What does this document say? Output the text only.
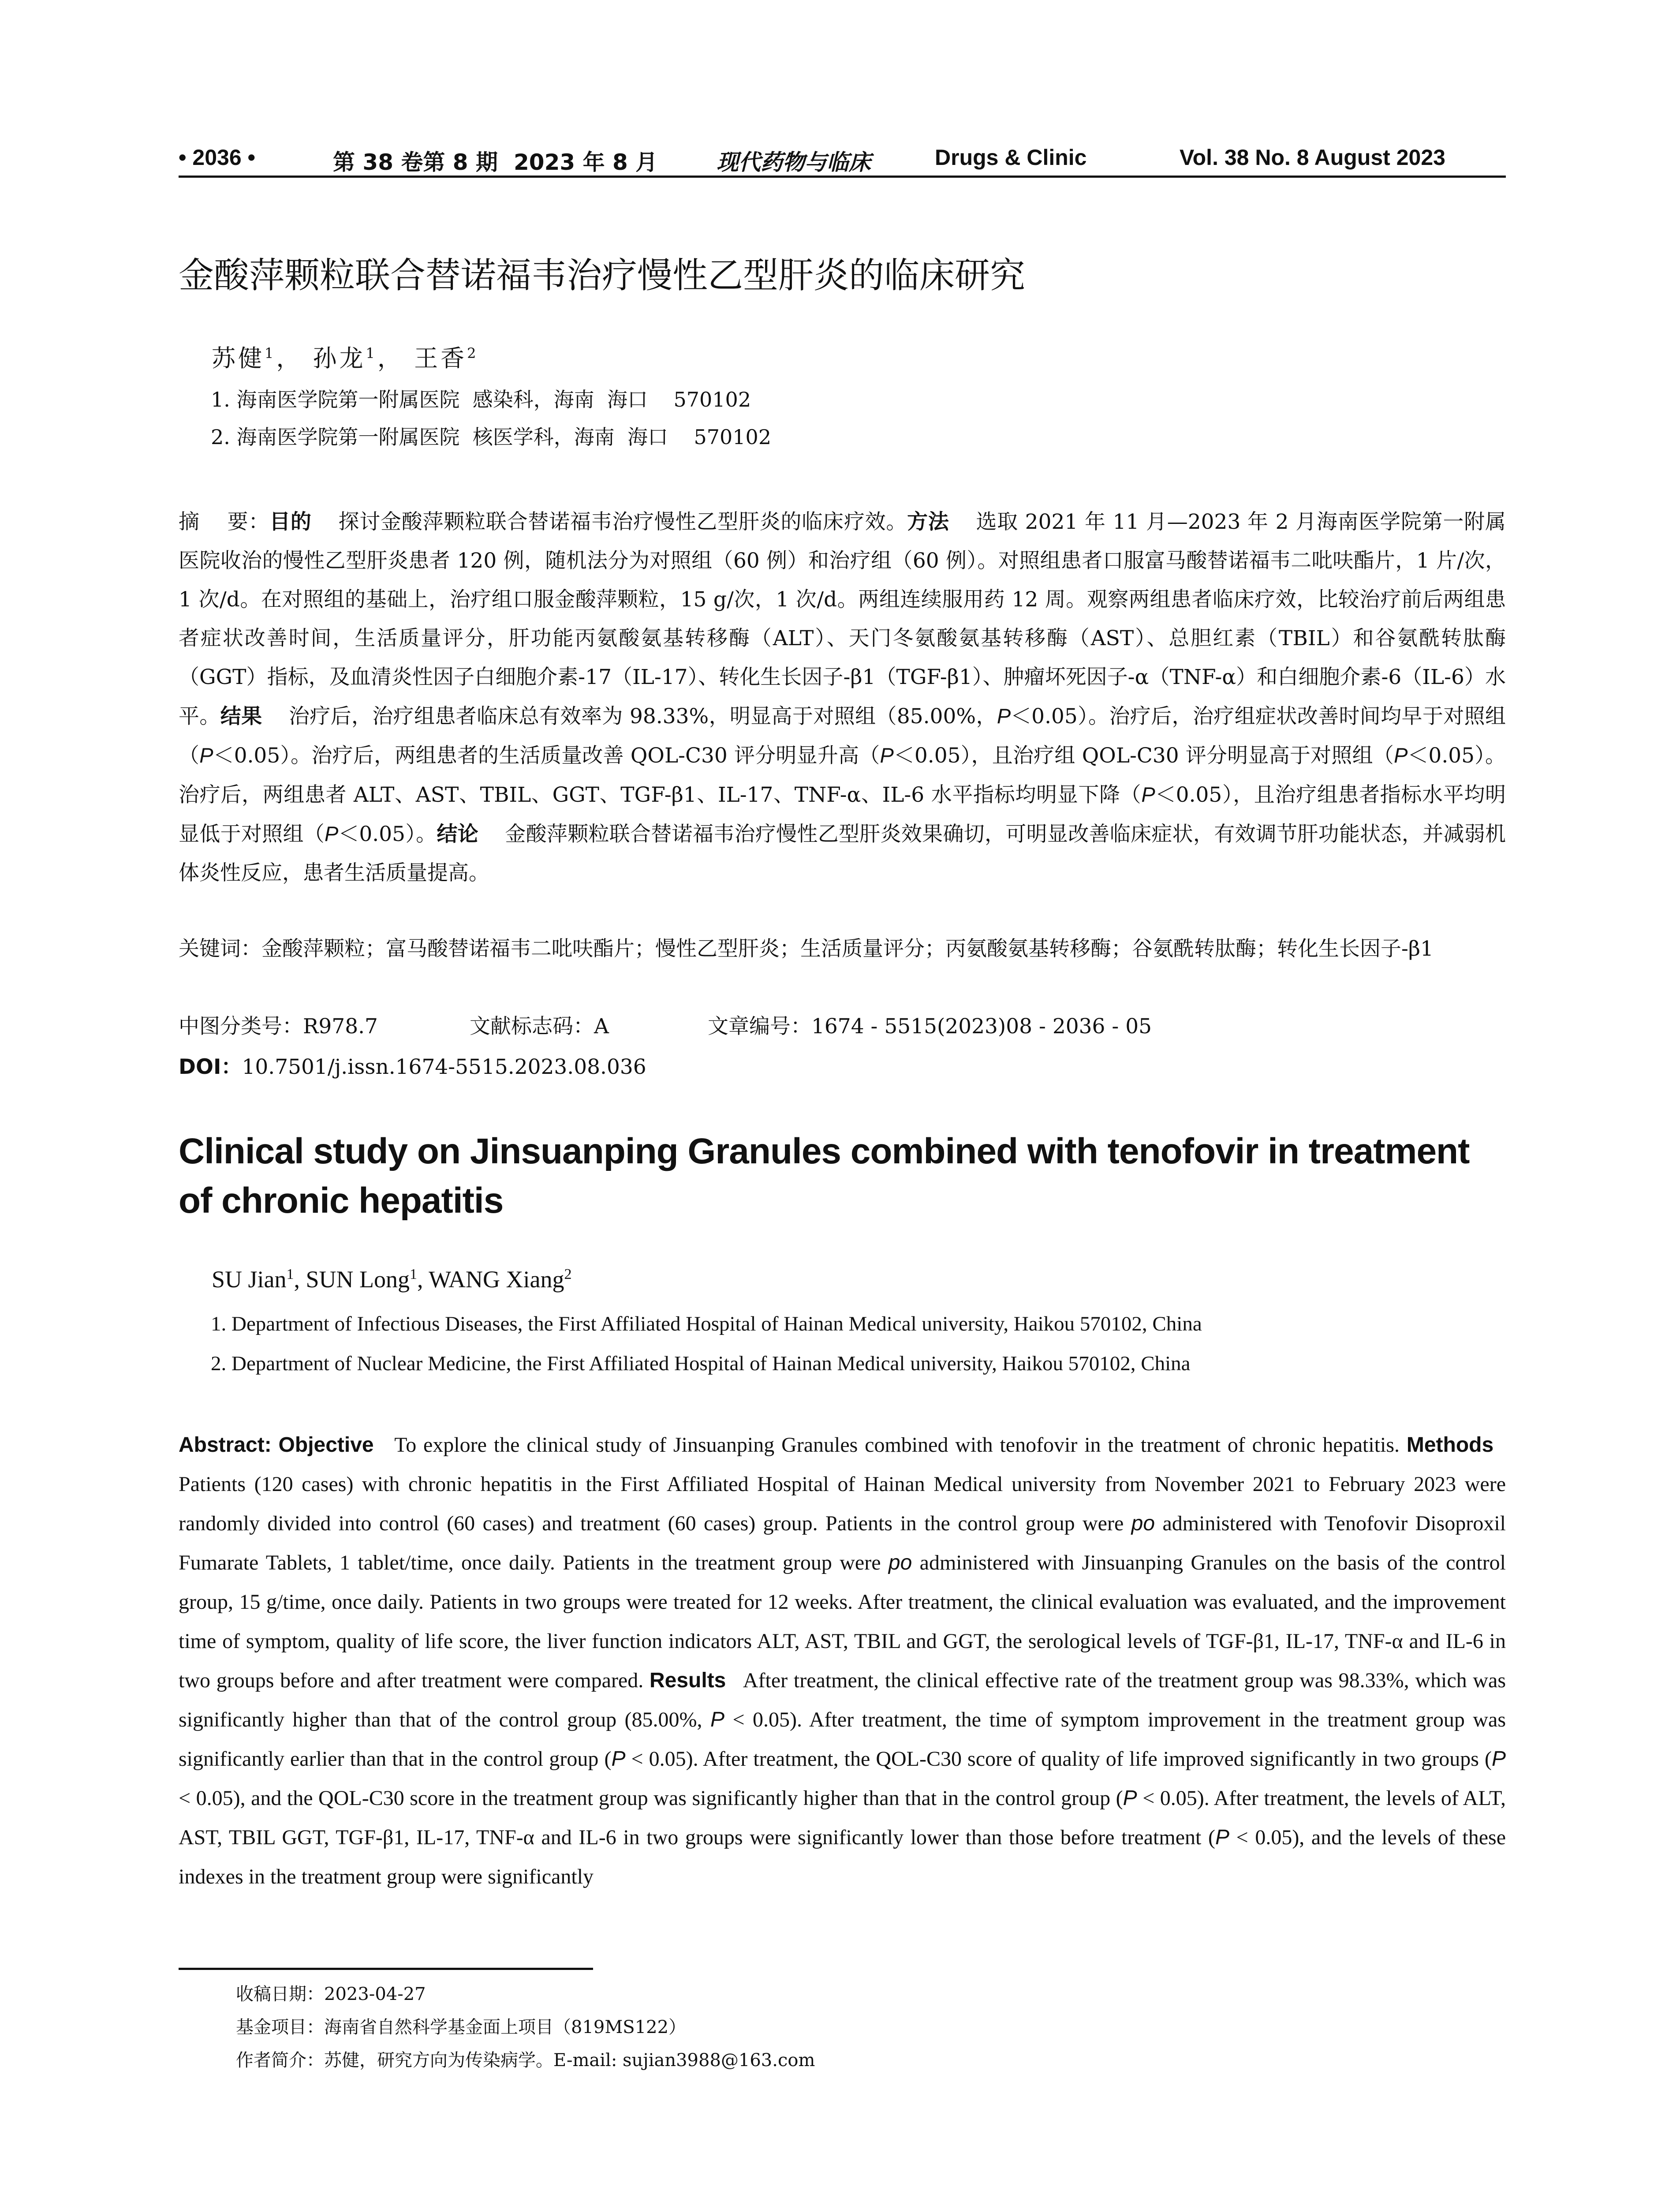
• 2036 •	第 38 卷第 8 期 2023 年 8 月	现代药物与临床	Drugs & Clinic	Vol. 38 No. 8 August 2023
金酸萍颗粒联合替诺福韦治疗慢性乙型肝炎的临床研究
苏健$^1$， 孙龙$^1$， 王香$^2$
1. 海南医学院第一附属医院  感染科，海南  海口    570102
2. 海南医学院第一附属医院  核医学科，海南  海口    570102
摘    要：目的 探讨金酸萍颗粒联合替诺福韦治疗慢性乙型肝炎的临床疗效。方法 选取 2021 年 11 月—2023 年 2 月海南医学院第一附属医院收治的慢性乙型肝炎患者 120 例，随机法分为对照组（60 例）和治疗组（60 例）。对照组患者口服富马酸替诺福韦二吡呋酯片，1 片/次，1 次/d。在对照组的基础上，治疗组口服金酸萍颗粒，15 g/次，1 次/d。两组连续服用药 12 周。观察两组患者临床疗效，比较治疗前后两组患者症状改善时间，生活质量评分，肝功能丙氨酸氨基转移酶（ALT）、天门冬氨酸氨基转移酶（AST）、总胆红素（TBIL）和谷氨酰转肽酶（GGT）指标，及血清炎性因子白细胞介素-17（IL-17）、转化生长因子-β1（TGF-β1）、肿瘤坏死因子-α（TNF-α）和白细胞介素-6（IL-6）水平。结果 治疗后，治疗组患者临床总有效率为 98.33%，明显高于对照组（85.00%，P＜0.05）。治疗后，治疗组症状改善时间均早于对照组（P＜0.05）。治疗后，两组患者的生活质量改善 QOL-C30 评分明显升高（P＜0.05），且治疗组 QOL-C30 评分明显高于对照组（P＜0.05）。治疗后，两组患者 ALT、AST、TBIL、GGT、TGF-β1、IL-17、TNF-α、IL-6 水平指标均明显下降（P＜0.05），且治疗组患者指标水平均明显低于对照组（P＜0.05）。结论 金酸萍颗粒联合替诺福韦治疗慢性乙型肝炎效果确切，可明显改善临床症状，有效调节肝功能状态，并减弱机体炎性反应，患者生活质量提高。
关键词：金酸萍颗粒；富马酸替诺福韦二吡呋酯片；慢性乙型肝炎；生活质量评分；丙氨酸氨基转移酶；谷氨酰转肽酶；转化生长因子-β1
中图分类号：R978.7	文献标志码：A	文章编号：1674 - 5515(2023)08 - 2036 - 05
DOI：10.7501/j.issn.1674-5515.2023.08.036
Clinical study on Jinsuanping Granules combined with tenofovir in treatment of chronic hepatitis
SU Jian$^1$, SUN Long$^1$, WANG Xiang$^2$
1. Department of Infectious Diseases, the First Affiliated Hospital of Hainan Medical university, Haikou 570102, China
2. Department of Nuclear Medicine, the First Affiliated Hospital of Hainan Medical university, Haikou 570102, China
Abstract: Objective To explore the clinical study of Jinsuanping Granules combined with tenofovir in the treatment of chronic hepatitis. Methods   Patients (120 cases) with chronic hepatitis in the First Affiliated Hospital of Hainan Medical university from November 2021 to February 2023 were randomly divided into control (60 cases) and treatment (60 cases) group. Patients in the control group were po administered with Tenofovir Disoproxil Fumarate Tablets, 1 tablet/time, once daily. Patients in the treatment group were po administered with Jinsuanping Granules on the basis of the control group, 15 g/time, once daily. Patients in two groups were treated for 12 weeks. After treatment, the clinical evaluation was evaluated, and the improvement time of symptom, quality of life score, the liver function indicators ALT, AST, TBIL and GGT, the serological levels of TGF-β1, IL-17, TNF-α and IL-6 in two groups before and after treatment were compared. Results After treatment, the clinical effective rate of the treatment group was 98.33%, which was significantly higher than that of the control group (85.00%, P < 0.05). After treatment, the time of symptom improvement in the treatment group was significantly earlier than that in the control group (P < 0.05). After treatment, the QOL-C30 score of quality of life improved significantly in two groups (P < 0.05), and the QOL-C30 score in the treatment group was significantly higher than that in the control group (P < 0.05). After treatment, the levels of ALT, AST, TBIL GGT, TGF-β1, IL-17, TNF-α and IL-6 in two groups were significantly lower than those before treatment (P < 0.05), and the levels of these indexes in the treatment group were significantly
收稿日期：2023-04-27
基金项目：海南省自然科学基金面上项目（819MS122）
作者简介：苏健，研究方向为传染病学。E-mail: sujian3988@163.com
